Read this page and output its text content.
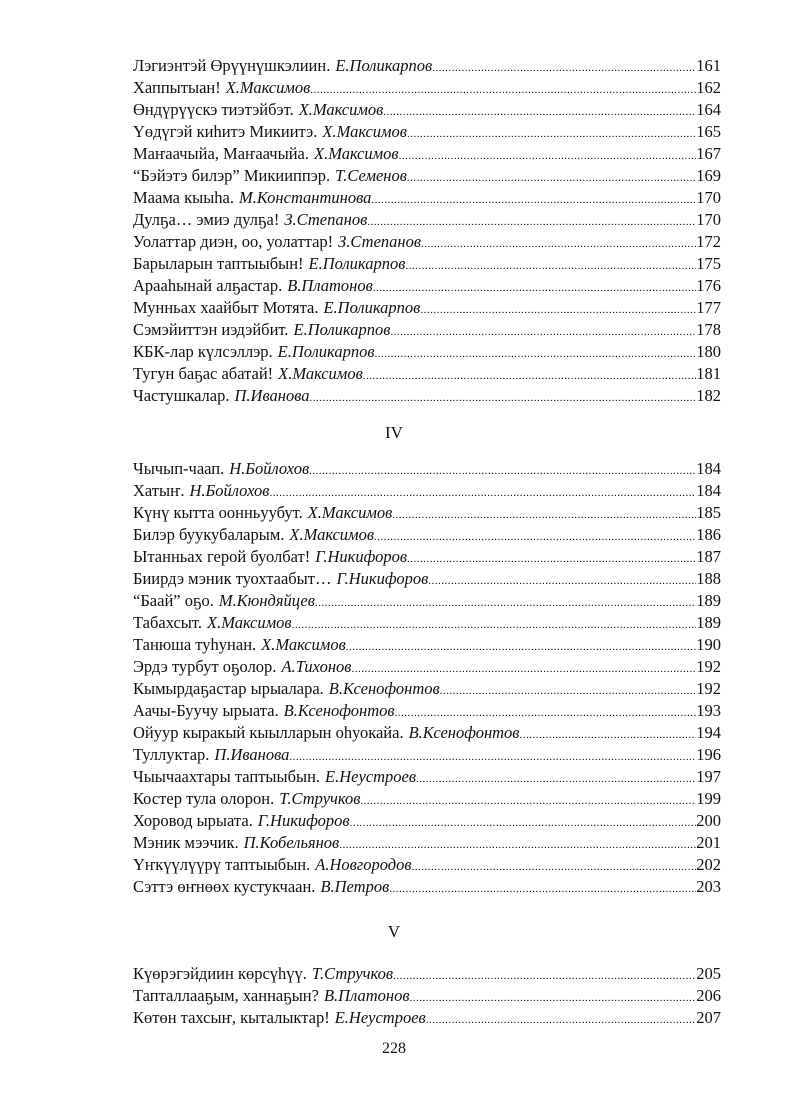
Лэгиэнтэй Өрүүнүшкэлиин. Е.Поликарпов .....	161
Хаппытыан! Х.Максимов .....	162
Өндүрүүскэ тиэтэйбэт. Х.Максимов .....	164
Үөдүгэй киһитэ Микиитэ. Х.Максимов .....	165
Маҥаачыйа, Маҥаачыйа. Х.Максимов .....	167
“Бэйэтэ билэр” Микииппэр. Т.Семенов .....	169
Маама кыыһа. М.Константинова .....	170
Дулҕа… эмиэ дулҕа! З.Степанов .....	170
Уолаттар диэн, оо, уолаттар! З.Степанов .....	172
Барыларын таптыыбын! Е.Поликарпов .....	175
Арааһынай алҕастар. В.Платонов .....	176
Мунньах хаайбыт Мотята. Е.Поликарпов .....	177
Сэмэйиттэн иэдэйбит. Е.Поликарпов .....	178
КБК-лар күлсэллэр. Е.Поликарпов .....	180
Тугун баҕас абатай! Х.Максимов .....	181
Частушкалар. П.Иванова .....	182
IV
Чычып-чаап. Н.Бойлохов .....	184
Хатыҥ. Н.Бойлохов .....	184
Күнү кытта оонньуубут. Х.Максимов .....	185
Билэр буукубаларым. Х.Максимов .....	186
Ытанньах герой буолбат! Г.Никифоров .....	187
Биирдэ мэник туохтаабыт… Г.Никифоров .....	188
“Баай” оҕо. М.Кюндяйцев .....	189
Табахсыт. Х.Максимов .....	189
Танюша туһунан. Х.Максимов .....	190
Эрдэ турбут оҕолор. А.Тихонов .....	192
Кымырдаҕастар ырыалара. В.Ксенофонтов .....	192
Аачы-Буучу ырыата. В.Ксенофонтов .....	193
Ойуур кыракый кыылларын оһуокайа. В.Ксенофонтов .....	194
Туллуктар. П.Иванова .....	196
Чыычаахтары таптыыбын. Е.Неустроев .....	197
Костер тула олорон. Т.Стручков .....	199
Хоровод ырыата. Г.Никифоров .....	200
Мэник мээчик. П.Кобельянов .....	201
Үҥкүүлүүрү таптыыбын. А.Новгородов .....	202
Сэттэ өҥнөөх кустукчаан. В.Петров .....	203
V
Күөрэгэйдиин көрсүһүү. Т.Стручков .....	205
Тапталлааҕым, ханнаҕын? В.Платонов .....	206
Көтөн тахсыҥ, кыталыктар! Е.Неустроев .....	207
228
